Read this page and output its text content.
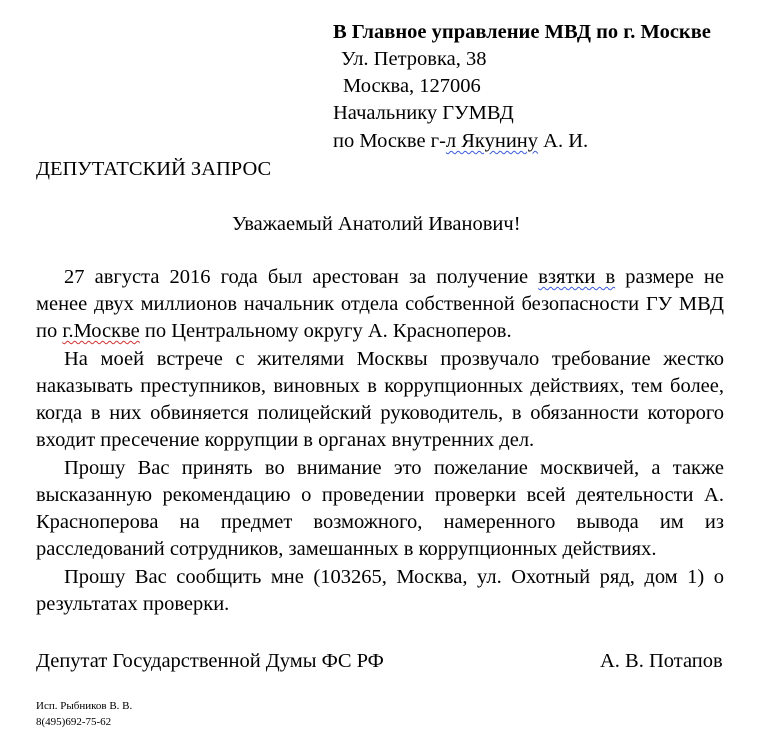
В Главное управление МВД по г. Москве
Ул. Петровка, 38
Москва, 127006
Начальнику ГУМВД
по Москве г-л Якунину А. И.
ДЕПУТАТСКИЙ ЗАПРОС
Уважаемый Анатолий Иванович!
27 августа 2016 года был арестован за получение взятки в размере не
менее двух миллионов начальник отдела собственной безопасности ГУ МВД
по г.Москве по Центральному округу А. Красноперов.
На моей встрече с жителями Москвы прозвучало требование жестко
наказывать преступников, виновных в коррупционных действиях, тем более,
когда в них обвиняется полицейский руководитель, в обязанности которого
входит пресечение коррупции в органах внутренних дел.
Прошу Вас принять во внимание это пожелание москвичей, а также
высказанную рекомендацию о проведении проверки всей деятельности А.
Красноперова на предмет возможного, намеренного вывода им из
расследований сотрудников, замешанных в коррупционных действиях.
Прошу Вас сообщить мне (103265, Москва, ул. Охотный ряд, дом 1) о
результатах проверки.
Депутат Государственной Думы ФС РФ	А. В. Потапов
Исп. Рыбников В. В.
8(495)692-75-62
